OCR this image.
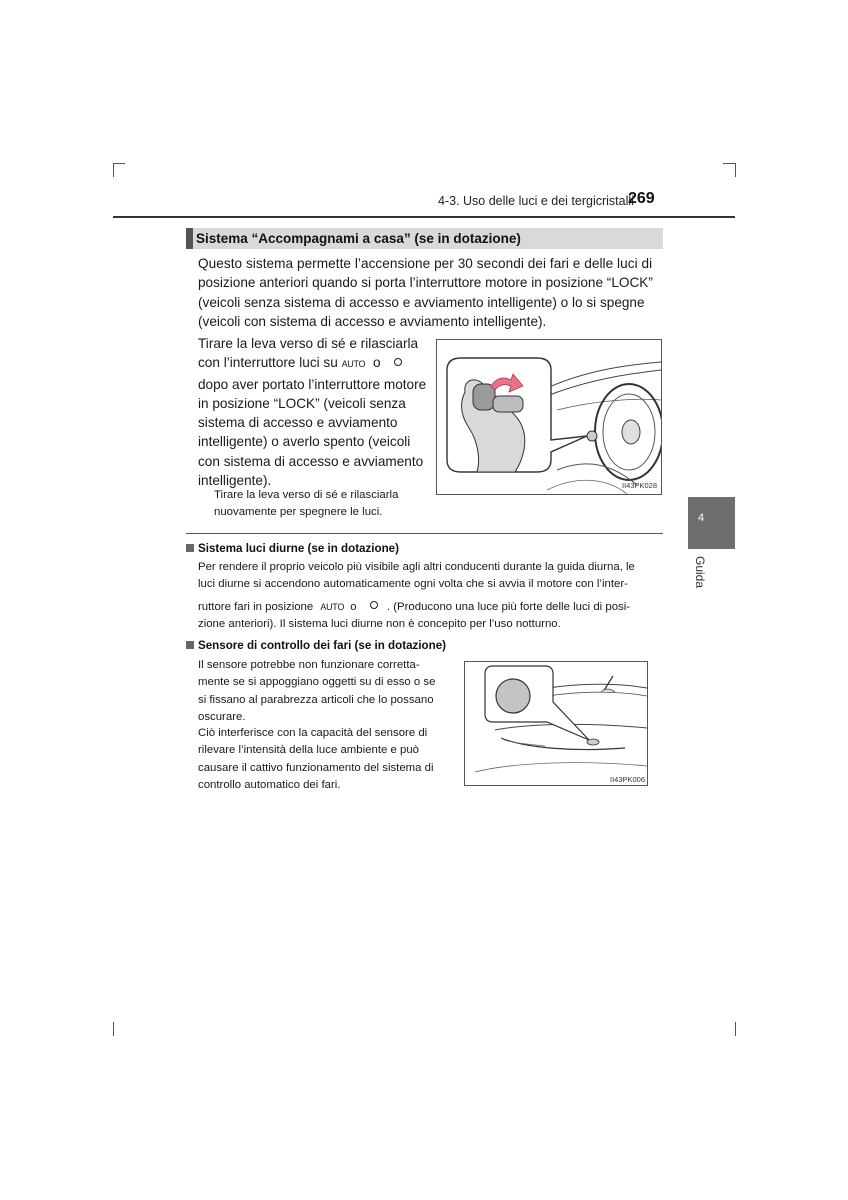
4-3. Uso delle luci e dei tergicristalli
269
4
Guida
Sistema “Accompagnami a casa” (se in dotazione)
Questo sistema permette l’accensione per 30 secondi dei fari e delle luci di
posizione anteriori quando si porta l’interruttore motore in posizione “LOCK”
(veicoli senza sistema di accesso e avviamento intelligente) o lo si spegne
(veicoli con sistema di accesso e avviamento intelligente).
Tirare la leva verso di sé e rilasciarla
con l’interruttore luci su AUTO o
dopo aver portato l’interruttore motore
in posizione “LOCK” (veicoli senza
sistema di accesso e avviamento
intelligente) o averlo spento (veicoli
con sistema di accesso e avviamento
intelligente).
Tirare la leva verso di sé e rilasciarla
nuovamente per spegnere le luci.
II43PK028
Sistema luci diurne (se in dotazione)
Per rendere il proprio veicolo più visibile agli altri conducenti durante la guida diurna, le
luci diurne si accendono automaticamente ogni volta che si avvia il motore con l’inter-
ruttore fari in posizione AUTO o	. (Producono una luce più forte delle luci di posi-
zione anteriori). Il sistema luci diurne non è concepito per l’uso notturno.
Sensore di controllo dei fari (se in dotazione)
Il sensore potrebbe non funzionare corretta-
mente se si appoggiano oggetti su di esso o se
si fissano al parabrezza articoli che lo possano
oscurare.
Ciò interferisce con la capacità del sensore di
rilevare l’intensità della luce ambiente e può
causare il cattivo funzionamento del sistema di
controllo automatico dei fari.	II43PK006
